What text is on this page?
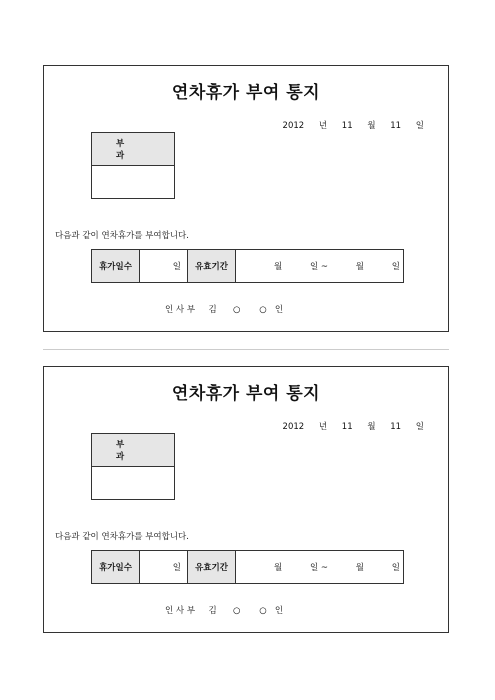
연차휴가 부여 통지
2012 년 11 월 11 일
부과
다음과 같이 연차휴가를 부여합니다.
휴가일수	일	유효기간	월	일 ~	월	일
인 사 부     김      ○       ○   인
연차휴가 부여 통지
2012 년 11 월 11 일
부과
다음과 같이 연차휴가를 부여합니다.
휴가일수	일	유효기간	월	일 ~	월	일
인 사 부     김      ○       ○   인
